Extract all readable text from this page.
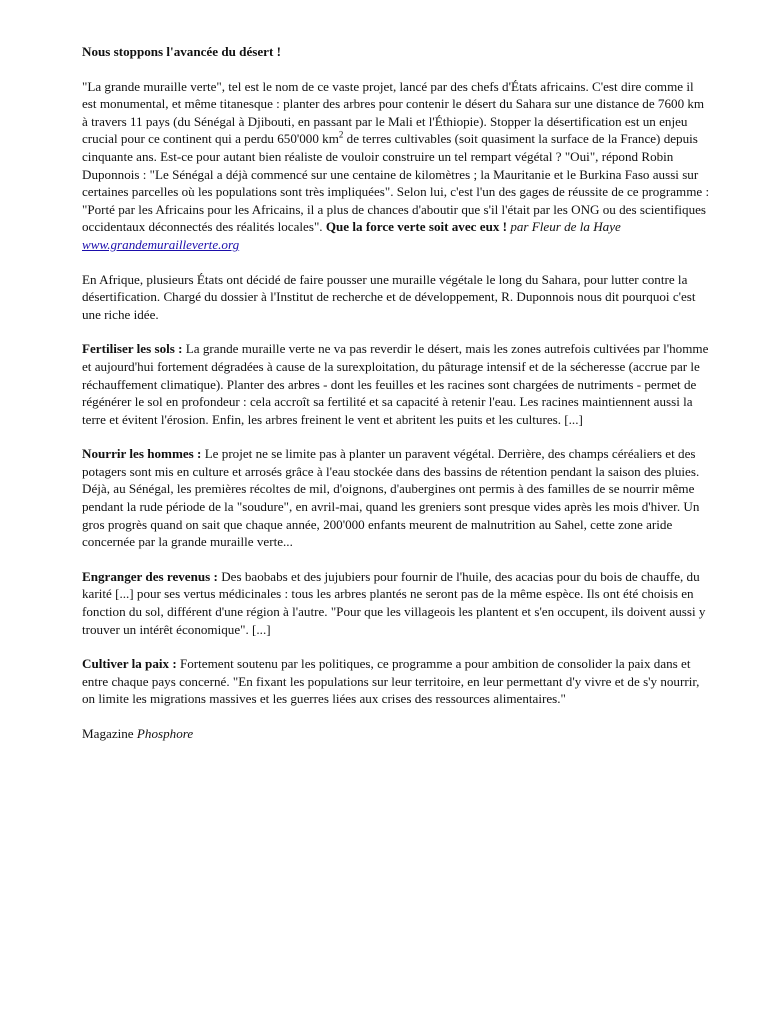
Nous stoppons l'avancée du désert !

"La grande muraille verte", tel est le nom de ce vaste projet, lancé par des chefs d'États africains. C'est dire comme il est monumental, et même titanesque : planter des arbres pour contenir le désert du Sahara sur une distance de 7600 km à travers 11 pays (du Sénégal à Djibouti, en passant par le Mali et l'Éthiopie). Stopper la désertification est un enjeu crucial pour ce continent qui a perdu 650'000 $km^2$ de terres cultivables (soit quasiment la surface de la France) depuis cinquante ans. Est-ce pour autant bien réaliste de vouloir construire un tel rempart végétal ? "Oui", répond Robin Duponnois : "Le Sénégal a déjà commencé sur une centaine de kilomètres ; la Mauritanie et le Burkina Faso aussi sur certaines parcelles où les populations sont très impliquées". Selon lui, c'est l'un des gages de réussite de ce programme : "Porté par les Africains pour les Africains, il a plus de chances d'aboutir que s'il l'était par les ONG ou des scientifiques occidentaux déconnectés des réalités locales". Que la force verte soit avec eux ! par Fleur de la Haye www.grandemurailleverte.org

En Afrique, plusieurs États ont décidé de faire pousser une muraille végétale le long du Sahara, pour lutter contre la désertification. Chargé du dossier à l'Institut de recherche et de développement, R. Duponnois nous dit pourquoi c'est une riche idée.

Fertiliser les sols : La grande muraille verte ne va pas reverdir le désert, mais les zones autrefois cultivées par l'homme et aujourd'hui fortement dégradées à cause de la surexploitation, du pâturage intensif et de la sécheresse (accrue par le réchauffement climatique). Planter des arbres - dont les feuilles et les racines sont chargées de nutriments - permet de régénérer le sol en profondeur : cela accroît sa fertilité et sa capacité à retenir l'eau. Les racines maintiennent aussi la terre et évitent l'érosion. Enfin, les arbres freinent le vent et abritent les puits et les cultures. [...]

Nourrir les hommes : Le projet ne se limite pas à planter un paravent végétal. Derrière, des champs céréaliers et des potagers sont mis en culture et arrosés grâce à l'eau stockée dans des bassins de rétention pendant la saison des pluies. Déjà, au Sénégal, les premières récoltes de mil, d'oignons, d'aubergines ont permis à des familles de se nourrir même pendant la rude période de la "soudure", en avril-mai, quand les greniers sont presque vides après les mois d'hiver. Un gros progrès quand on sait que chaque année, 200'000 enfants meurent de malnutrition au Sahel, cette zone aride concernée par la grande muraille verte...

Engranger des revenus : Des baobabs et des jujubiers pour fournir de l'huile, des acacias pour du bois de chauffe, du karité [...] pour ses vertus médicinales : tous les arbres plantés ne seront pas de la même espèce. Ils ont été choisis en fonction du sol, différent d'une région à l'autre. "Pour que les villageois les plantent et s'en occupent, ils doivent aussi y trouver un intérêt économique". [...]

Cultiver la paix : Fortement soutenu par les politiques, ce programme a pour ambition de consolider la paix dans et entre chaque pays concerné. "En fixant les populations sur leur territoire, en leur permettant d'y vivre et de s'y nourrir, on limite les migrations massives et les guerres liées aux crises des ressources alimentaires."

Magazine Phosphore
